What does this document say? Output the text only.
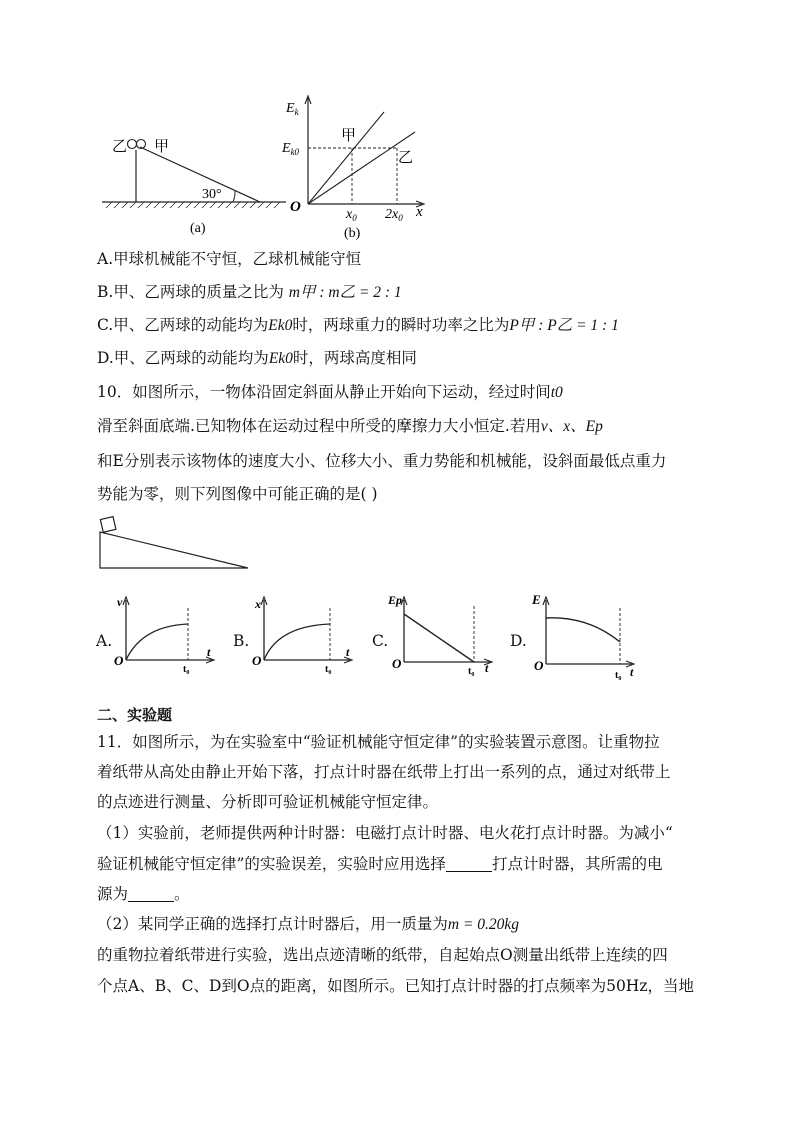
乙 甲
30°
(a)
$E_k$
$E_{k0}$
O	x
$x_0$ $2x_0$
甲
乙
(b)
A.甲球机械能不守恒，乙球机械能守恒
B.甲、乙两球的质量之比为 m甲 : m乙 = 2 : 1
C.甲、乙两球的动能均为Ek0时，两球重力的瞬时功率之比为P甲 : P乙 = 1 : 1
D.甲、乙两球的动能均为Ek0时，两球高度相同
10．如图所示，一物体沿固定斜面从静止开始向下运动，经过时间t0
滑至斜面底端.已知物体在运动过程中所受的摩擦力大小恒定.若用v、x、Ep
和E分别表示该物体的速度大小、位移大小、重力势能和机械能，设斜面最低点重力
势能为零，则下列图像中可能正确的是( )
A.
v
O
t₀
t
B.
x
O
t₀
t
C.
Ep
O
t₀ t
D.
E
O
t₀ t
二、实验题
11．如图所示，为在实验室中“验证机械能守恒定律”的实验装置示意图。让重物拉
着纸带从高处由静止开始下落，打点计时器在纸带上打出一系列的点，通过对纸带上
的点迹进行测量、分析即可验证机械能守恒定律。
（1）实验前，老师提供两种计时器：电磁打点计时器、电火花打点计时器。为减小“
验证机械能守恒定律”的实验误差，实验时应用选择	打点计时器，其所需的电
源为	。
（2）某同学正确的选择打点计时器后，用一质量为m = 0.20kg
的重物拉着纸带进行实验，选出点迹清晰的纸带，自起始点O测量出纸带上连续的四
个点A、B、C、D到O点的距离，如图所示。已知打点计时器的打点频率为50Hz，当地
